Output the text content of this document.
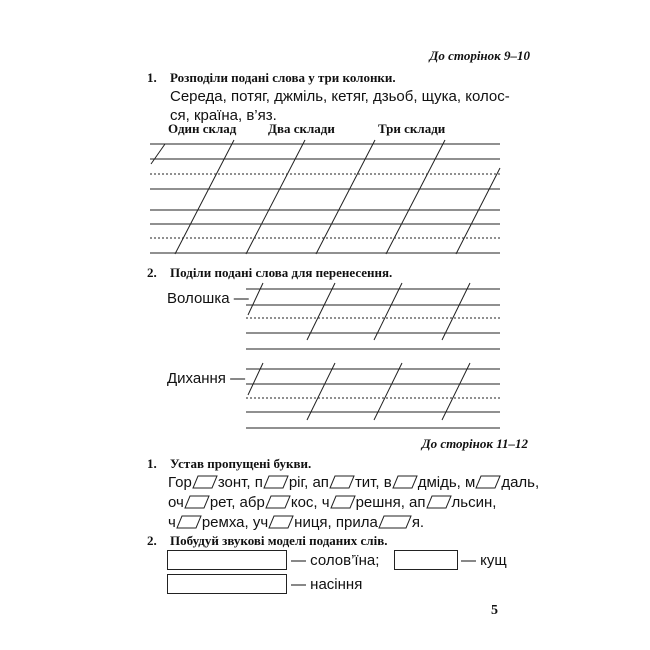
До сторінок 9–10
1. Розподіли подані слова у три колонки.
Середа, потяг, джміль, кетяг, дзьоб, щука, колос-
ся, країна, в’яз.
Один склад Два склади	Три склади
2. Поділи подані слова для перенесення.
Волошка —
Дихання —
До сторінок 11–12
1. Устав пропущені букви.
Гор зонт, п ріг, ап тит, в дмідь, м даль,
оч рет, абр кос, ч решня, ап льсин,
ч ремха, уч ниця, прила я.
2. Побудуй звукові моделі поданих слів.
— солов’їна;	— кущ
— насіння
5
